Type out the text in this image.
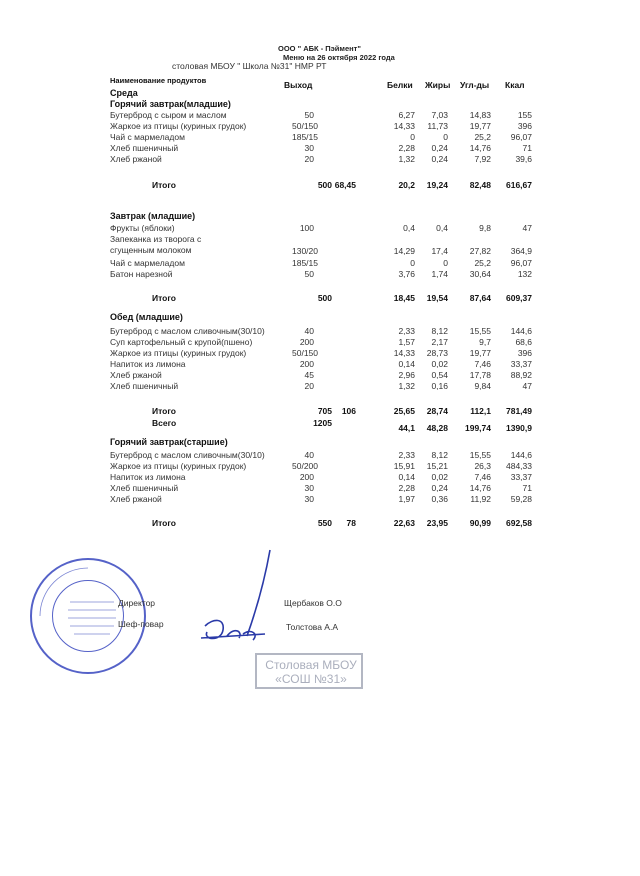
ООО " АБК - Пэймент"
Меню на 26 октября 2022 года
столовая МБОУ " Школа №31" НМР РТ
Наименование продуктов	Выход	Белки Жиры Угл-ды Ккал
Среда
Горячий завтрак(младшие)
Бутерброд с сыром и маслом	50	6,27	7,03	14,83	155
Жаркое из птицы (куриных грудок)	50/150	14,33	11,73	19,77	396
Чай с мармеладом	185/15	0	0	25,2	96,07
Хлеб пшеничный	30	2,28	0,24	14,76	71
Хлеб ржаной	20	1,32	0,24	7,92	39,6
Итого	500 68,45	20,2	19,24	82,48	616,67
Завтрак (младшие)
Фрукты (яблоки)	100	0,4	0,4	9,8	47
Запеканка из творога с
сгущенным молоком	130/20	14,29	17,4	27,82	364,9
Чай с мармеладом	185/15	0	0	25,2	96,07
Батон нарезной	50	3,76	1,74	30,64	132
Итого	500	18,45	19,54	87,64	609,37
Обед (младшие)
Бутерброд с маслом сливочным(30/10)	40	2,33	8,12	15,55	144,6
Суп картофельный с крупой(пшено)	200	1,57	2,17	9,7	68,6
Жаркое из птицы (куриных грудок)	50/150	14,33	28,73	19,77	396
Напиток из лимона	200	0,14	0,02	7,46	33,37
Хлеб ржаной	45	2,96	0,54	17,78	88,92
Хлеб пшеничный	20	1,32	0,16	9,84	47
Итого	705	106	25,65	28,74	112,1	781,49
Всего	1205	44,1	48,28	199,74	1390,9
Горячий завтрак(старшие)
Бутерброд с маслом сливочным(30/10)	40	2,33	8,12	15,55	144,6
Жаркое из птицы (куриных грудок)	50/200	15,91	15,21	26,3	484,33
Напиток из лимона	200	0,14	0,02	7,46	33,37
Хлеб пшеничный	30	2,28	0,24	14,76	71
Хлеб ржаной	30	1,97	0,36	11,92	59,28
Итого	550	78	22,63	23,95	90,99	692,58
Директор
Шеф-повар
Щербаков О.О
Толстова А.А
Столовая МБОУ «СОШ №31»
